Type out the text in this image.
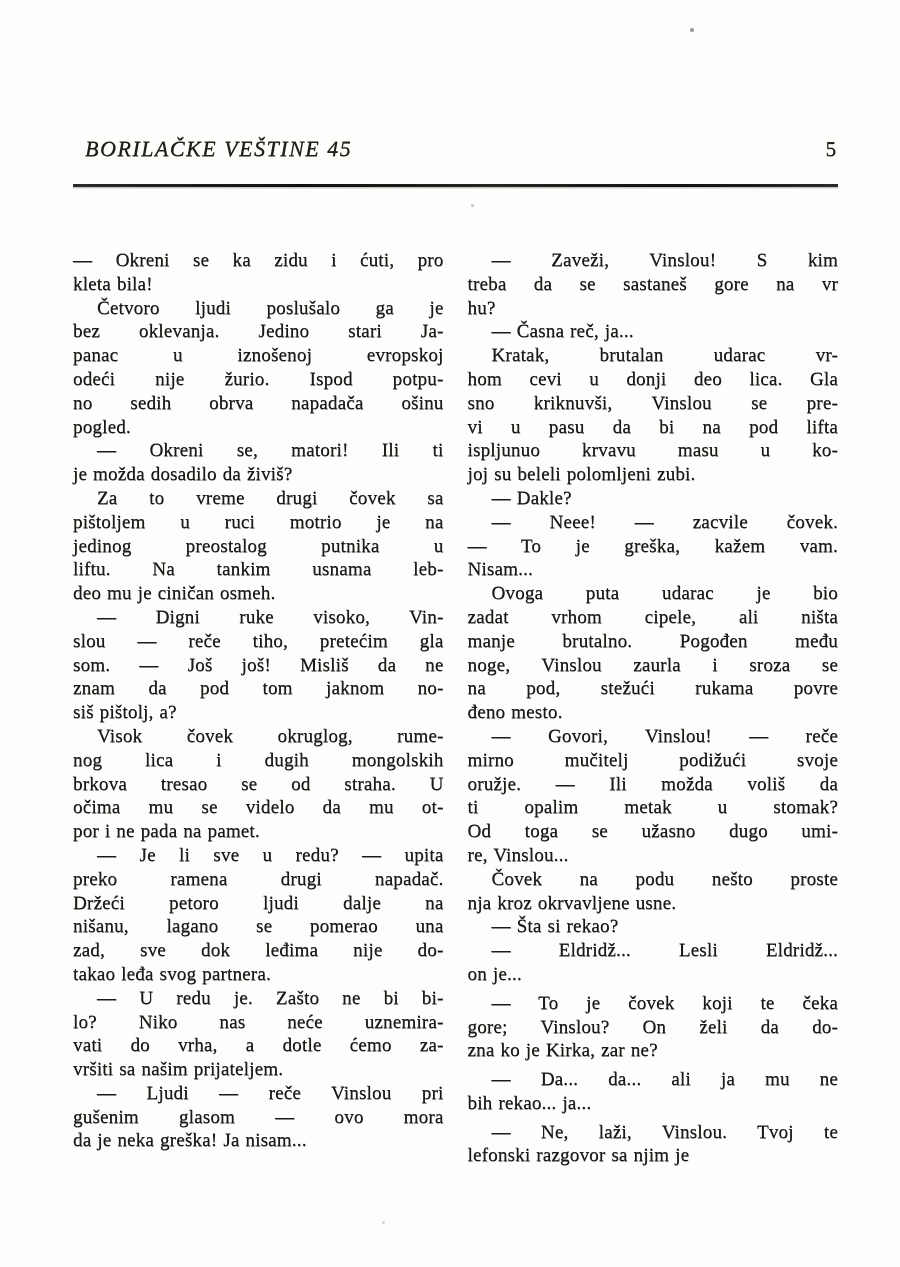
BORILAČKE VEŠTINE 45	5

— Okreni se ka zidu i ćuti, pro
kleta bila!

Četvoro ljudi poslušalo ga je
bez oklevanja. Jedino stari Ja-
panac u iznošenoj evropskoj
odeći nije žurio. Ispod potpu-
no sedih obrva napadača ošinu
pogled.

— Okreni se, matori! Ili ti
je možda dosadilo da živiš?

Za to vreme drugi čovek sa
pištoljem u ruci motrio je na
jedinog preostalog putnika u
liftu. Na tankim usnama leb-
deo mu je ciničan osmeh.

— Digni ruke visoko, Vin-
slou — reče tiho, pretećim gla
som. — Još još! Misliš da ne
znam da pod tom jaknom no-
siš pištolj, a?

Visok čovek okruglog, rume-
nog lica i dugih mongolskih
brkova tresao se od straha. U
očima mu se videlo da mu ot-
por i ne pada na pamet.

— Je li sve u redu? — upita
preko ramena drugi napadač.
Držeći petoro ljudi dalje na
nišanu, lagano se pomerao una
zad, sve dok leđima nije do-
takao leđa svog partnera.

— U redu je. Zašto ne bi bi-
lo? Niko nas neće uznemira-
vati do vrha, a dotle ćemo za-
vršiti sa našim prijateljem.

— Ljudi — reče Vinslou pri
gušenim glasom — ovo mora
da je neka greška! Ja nisam...

— Zaveži, Vinslou! S kim
treba da se sastaneš gore na vr
hu?

— Časna reč, ja...

Kratak, brutalan udarac vr-
hom cevi u donji deo lica. Gla
sno kriknuvši, Vinslou se pre-
vi u pasu da bi na pod lifta
ispljunuo krvavu masu u ko-
joj su beleli polomljeni zubi.

— Dakle?

— Neee! — zacvile čovek.
— To je greška, kažem vam.
Nisam...

Ovoga puta udarac je bio
zadat vrhom cipele, ali ništa
manje brutalno. Pogođen među
noge, Vinslou zaurla i sroza se
na pod, stežući rukama povre
đeno mesto.

— Govori, Vinslou! — reče
mirno mučitelj podižući svoje
oružje. — Ili možda voliš da
ti opalim metak u stomak?
Od toga se užasno dugo umi-
re, Vinslou...

Čovek na podu nešto proste
nja kroz okrvavljene usne.

— Šta si rekao?

— Eldridž... Lesli Eldridž...
on je...

— To je čovek koji te čeka
gore; Vinslou? On želi da do-
zna ko je Kirka, zar ne?

— Da... da... ali ja mu ne
bih rekao... ja...

— Ne, laži, Vinslou. Tvoj te
lefonski razgovor sa njim je
